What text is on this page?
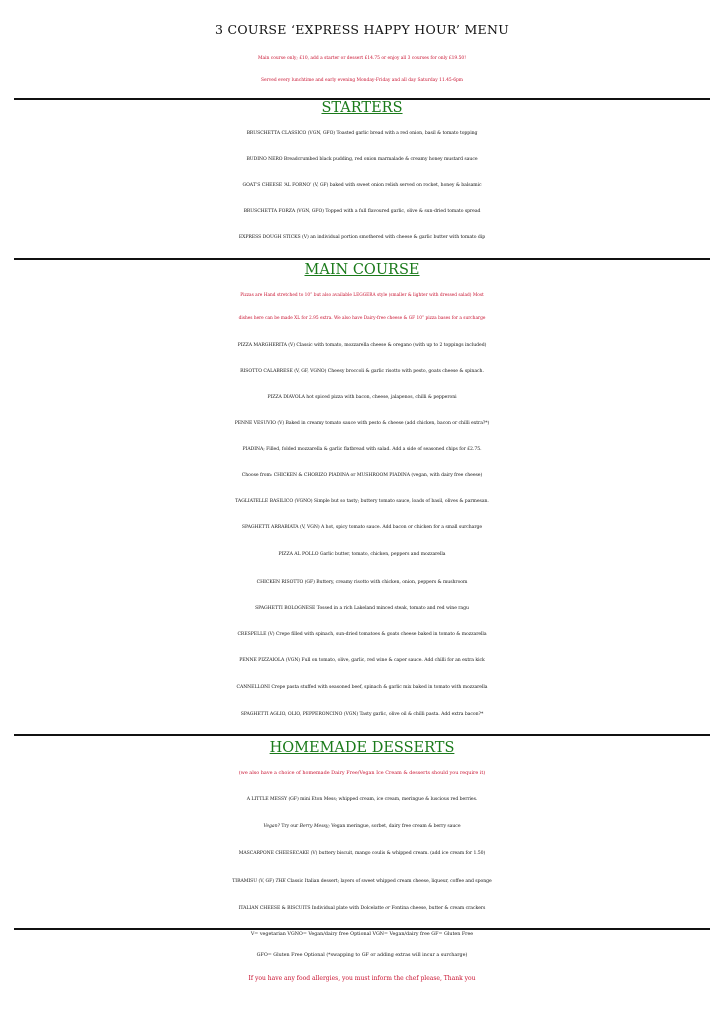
3 COURSE ‘EXPRESS HAPPY HOUR’ MENU
Main course only; £10, add a starter or dessert £14.75 or enjoy all 3 courses for only £19.50!
Served every lunchtime and early evening Monday-Friday and all day Saturday 11.45-6pm
STARTERS
BRUSCHETTA CLASSICO (VGN, GFO) Toasted garlic bread with a red onion, basil & tomato topping
BUDINO NERO Breadcrumbed black pudding, red onion marmalade & creamy honey mustard sauce
GOAT’S CHEESE ‘AL FORNO’ (V, GF) baked with sweet onion relish served on rocket, honey & balsamic
BRUSCHETTA FORZA (VGN, GFO) Topped with a full flavoured garlic, olive & sun-dried tomato spread
EXPRESS DOUGH STICKS (V) an individual portion smothered with cheese & garlic butter with tomato dip
MAIN COURSE
Pizzas are Hand stretched to 10” but also available LEGGERA style (smaller & lighter with dressed salad) Most
dishes here can be made XL for 2.95 extra. We also have Dairy-free cheese & GF 10” pizza bases for a surcharge
PIZZA MARGHERITA (V) Classic with tomato, mozzarella cheese & oregano (with up to 2 toppings included)
RISOTTO CALABRESE (V, GF, VGNO) Cheesy broccoli & garlic risotto with pesto, goats cheese & spinach.
PIZZA DIAVOLA hot spiced pizza with bacon, cheese, jalapenos, chilli & pepperoni
PENNE VESUVIO (V) Baked in creamy tomato sauce with pesto & cheese (add chicken, bacon or chilli extra?*)
PIADINA; Filled, folded mozzarella & garlic flatbread with salad. Add a side of seasoned chips for £2.75.
Choose from: CHICKEN & CHORIZO PIADINA or MUSHROOM PIADINA (vegan, with dairy free cheese)
TAGLIATELLE BASILICO (VGNO) Simple but so tasty; buttery tomato sauce, loads of basil, olives & parmesan.
SPAGHETTI ARRABIATA (V, VGN) A hot, spicy tomato sauce. Add bacon or chicken for a small surcharge
PIZZA AL POLLO Garlic butter, tomato, chicken, peppers and mozzarella
CHICKEN RISOTTO (GF) Buttery, creamy risotto with chicken, onion, peppers & mushroom
SPAGHETTI BOLOGNESE Tossed in a rich Lakeland minced steak, tomato and red wine ragu
CRESPELLE (V) Crepe filled with spinach, sun-dried tomatoes & goats cheese baked in tomato & mozzarella
PENNE PIZZAIOLA (VGN) Full on tomato, olive, garlic, red wine & caper sauce. Add chilli for an extra kick
CANNELLONI Crepe pasta stuffed with seasoned beef, spinach & garlic mix baked in tomato with mozzarella
SPAGHETTI AGLIO, OLIO, PEPPERONCINO (VGN) Tasty garlic, olive oil & chilli pasta. Add extra bacon?*
HOMEMADE DESSERTS
(we also have a choice of homemade Dairy Free/Vegan Ice Cream & desserts should you require it)
A LITTLE MESSY (GF) mini Eton Mess; whipped cream, ice cream, meringue & luscious red berries.
Vegan? Try our Berry Messy; Vegan meringue, sorbet, dairy free cream & berry sauce
MASCARPONE CHEESECAKE (V) buttery biscuit, mango coulis & whipped cream. (add ice cream for 1.50)
TIRAMISU (V, GF) THE Classic Italian dessert; layers of sweet whipped cream cheese, liqueur, coffee and sponge
ITALIAN CHEESE & BISCUITS Individual plate with Dolcelatte or Fontina cheese, butter & cream crackers
V= vegetarian VGNO= Vegan/dairy free Optional VGN= Vegan/dairy free GF= Gluten Free
GFO= Gluten Free Optional (*swapping to GF or adding extras will incur a surcharge)
If you have any food allergies, you must inform the chef please, Thank you
